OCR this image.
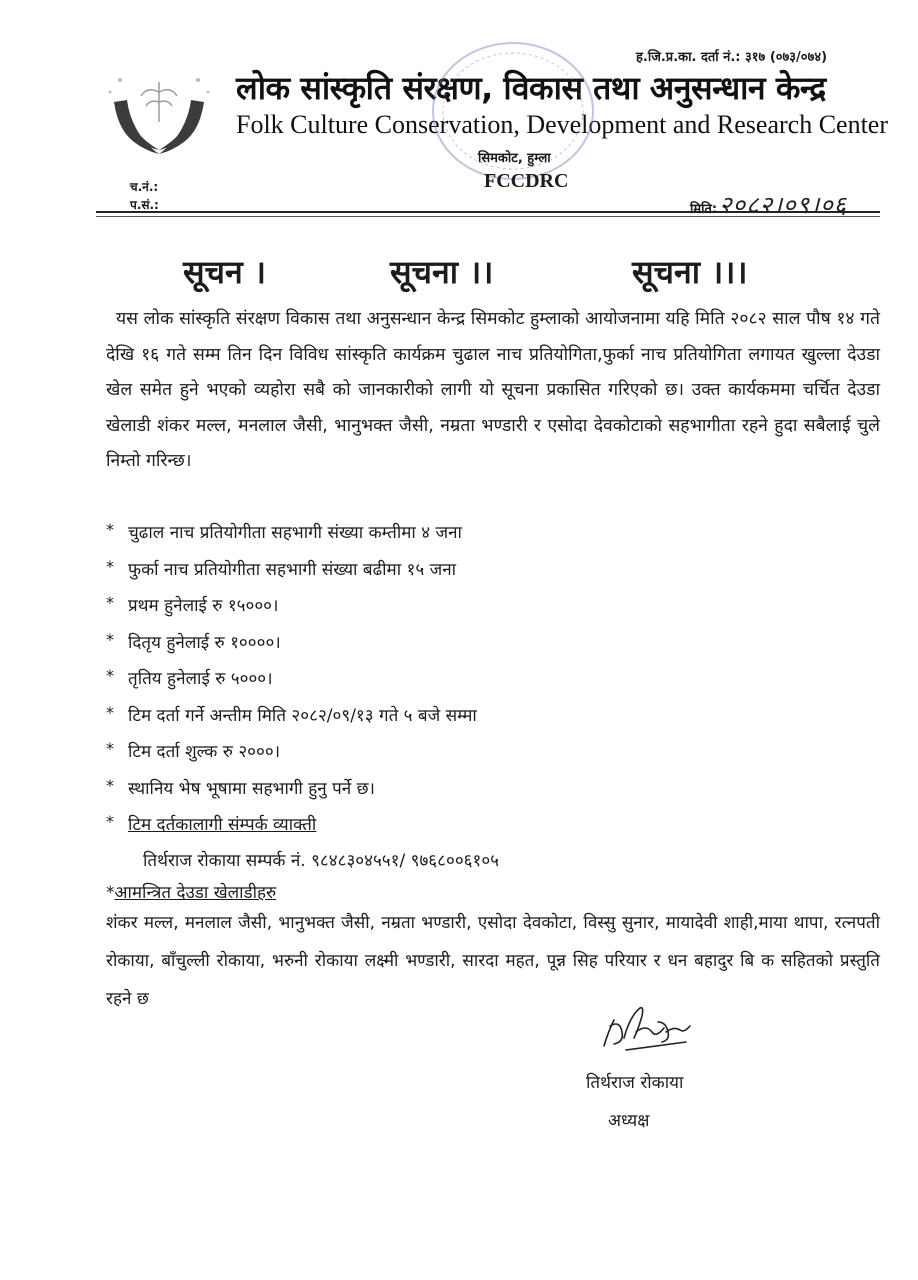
ह.जि.प्र.का. दर्ता नं.: ३१७ (०७३/०७४)
लोक सांस्कृति संरक्षण, विकास तथा अनुसन्धान केन्द्र
Folk Culture Conservation, Development and Research Center
सिमकोट, हुम्ला
FCCDRC
च.नं.:
प.सं.:	मिति:२०८२।०९।०६
सूचन ।	सूचना ।।	सूचना ।।।

यस लोक सांस्कृति संरक्षण विकास तथा अनुसन्धान केन्द्र सिमकोट हुम्लाको आयोजनामा यहि मिति २०८२ साल पौष १४ गते देखि १६ गते सम्म तिन दिन विविध सांस्कृति कार्यक्रम चुढाल नाच प्रतियोगिता,फुर्का नाच प्रतियोगिता लगायत खुल्ला देउडा खेल समेत हुने भएको व्यहोरा सबै को जानकारीको लागी यो सूचना प्रकासित गरिएको छ। उक्त कार्यकममा चर्चित देउडा खेलाडी शंकर मल्ल, मनलाल जैसी, भानुभक्त जैसी, नम्रता भण्डारी र एसोदा देवकोटाको सहभागीता रहने हुदा सबैलाई चुले निम्तो गरिन्छ।

* चुढाल नाच प्रतियोगीता सहभागी संख्या कम्तीमा ४ जना
* फुर्का नाच प्रतियोगीता सहभागी संख्या बढीमा १५ जना
* प्रथम हुनेलाई रु १५०००।
* दितृय हुनेलाई रु १००००।
* तृतिय हुनेलाई रु ५०००।
* टिम दर्ता गर्ने अन्तीम मिति २०८२/०९/१३ गते ५ बजे सम्मा
* टिम दर्ता शुल्क रु २०००।
* स्थानिय भेष भूषामा सहभागी हुनु पर्ने छ।
* टिम दर्तकालागी संम्पर्क व्याक्ती
तिर्थराज रोकाया सम्पर्क नं. ९८४८३०४५५१/ ९७६८००६१०५
*आमन्त्रित देउडा खेलाडीहरु

शंकर मल्ल, मनलाल जैसी, भानुभक्त जैसी, नम्रता भण्डारी, एसोदा देवकोटा, विस्सु सुनार, मायादेवी शाही,माया थापा, रत्नपती रोकाया, बाँचुल्ली रोकाया, भरुनी रोकाया लक्ष्मी भण्डारी, सारदा महत, पून्न सिह परियार र धन बहादुर बि क सहितको प्रस्तुति रहने छ

तिर्थराज रोकाया
अध्यक्ष
